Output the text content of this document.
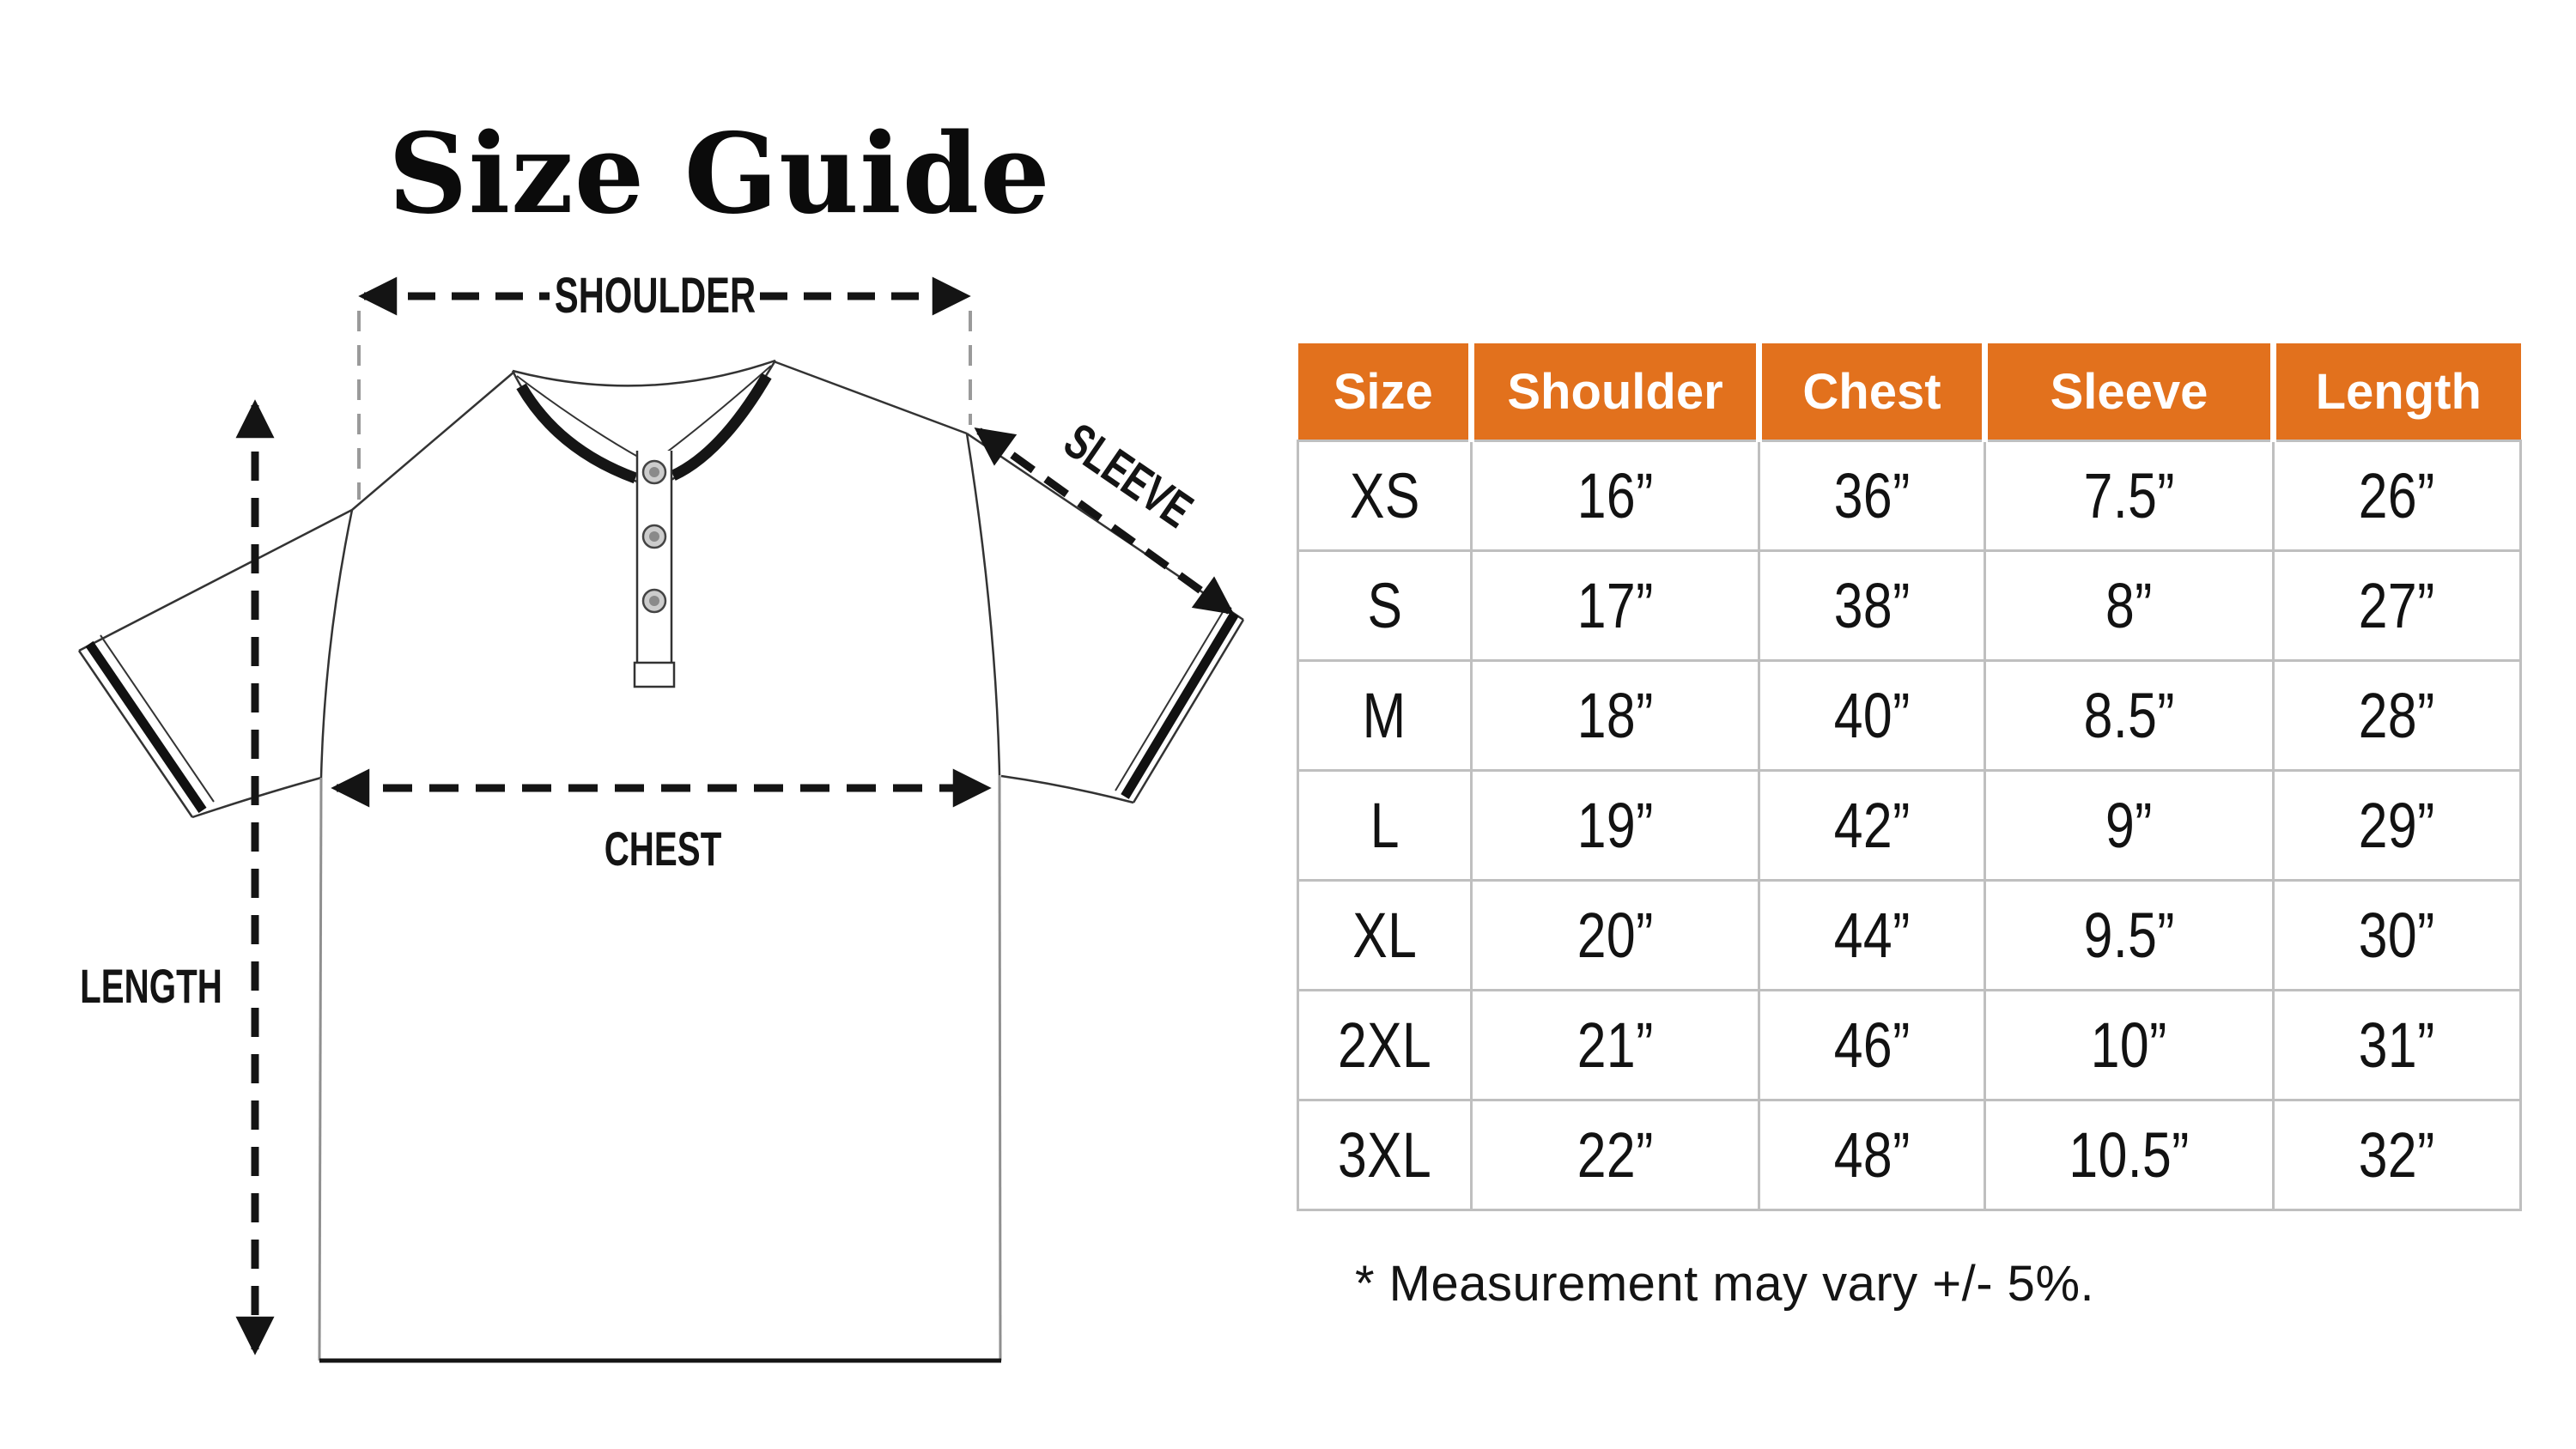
Size Guide
SHOULDER
SLEEVE
CHEST
LENGTH
Size	Shoulder	Chest	Sleeve	Length
XS	16”	36”	7.5”	26”
S	17”	38”	8”	27”
M	18”	40”	8.5”	28”
L	19”	42”	9”	29”
XL	20”	44”	9.5”	30”
2XL	21”	46”	10”	31”
3XL	22”	48”	10.5”	32”

* Measurement may vary +/- 5%.
